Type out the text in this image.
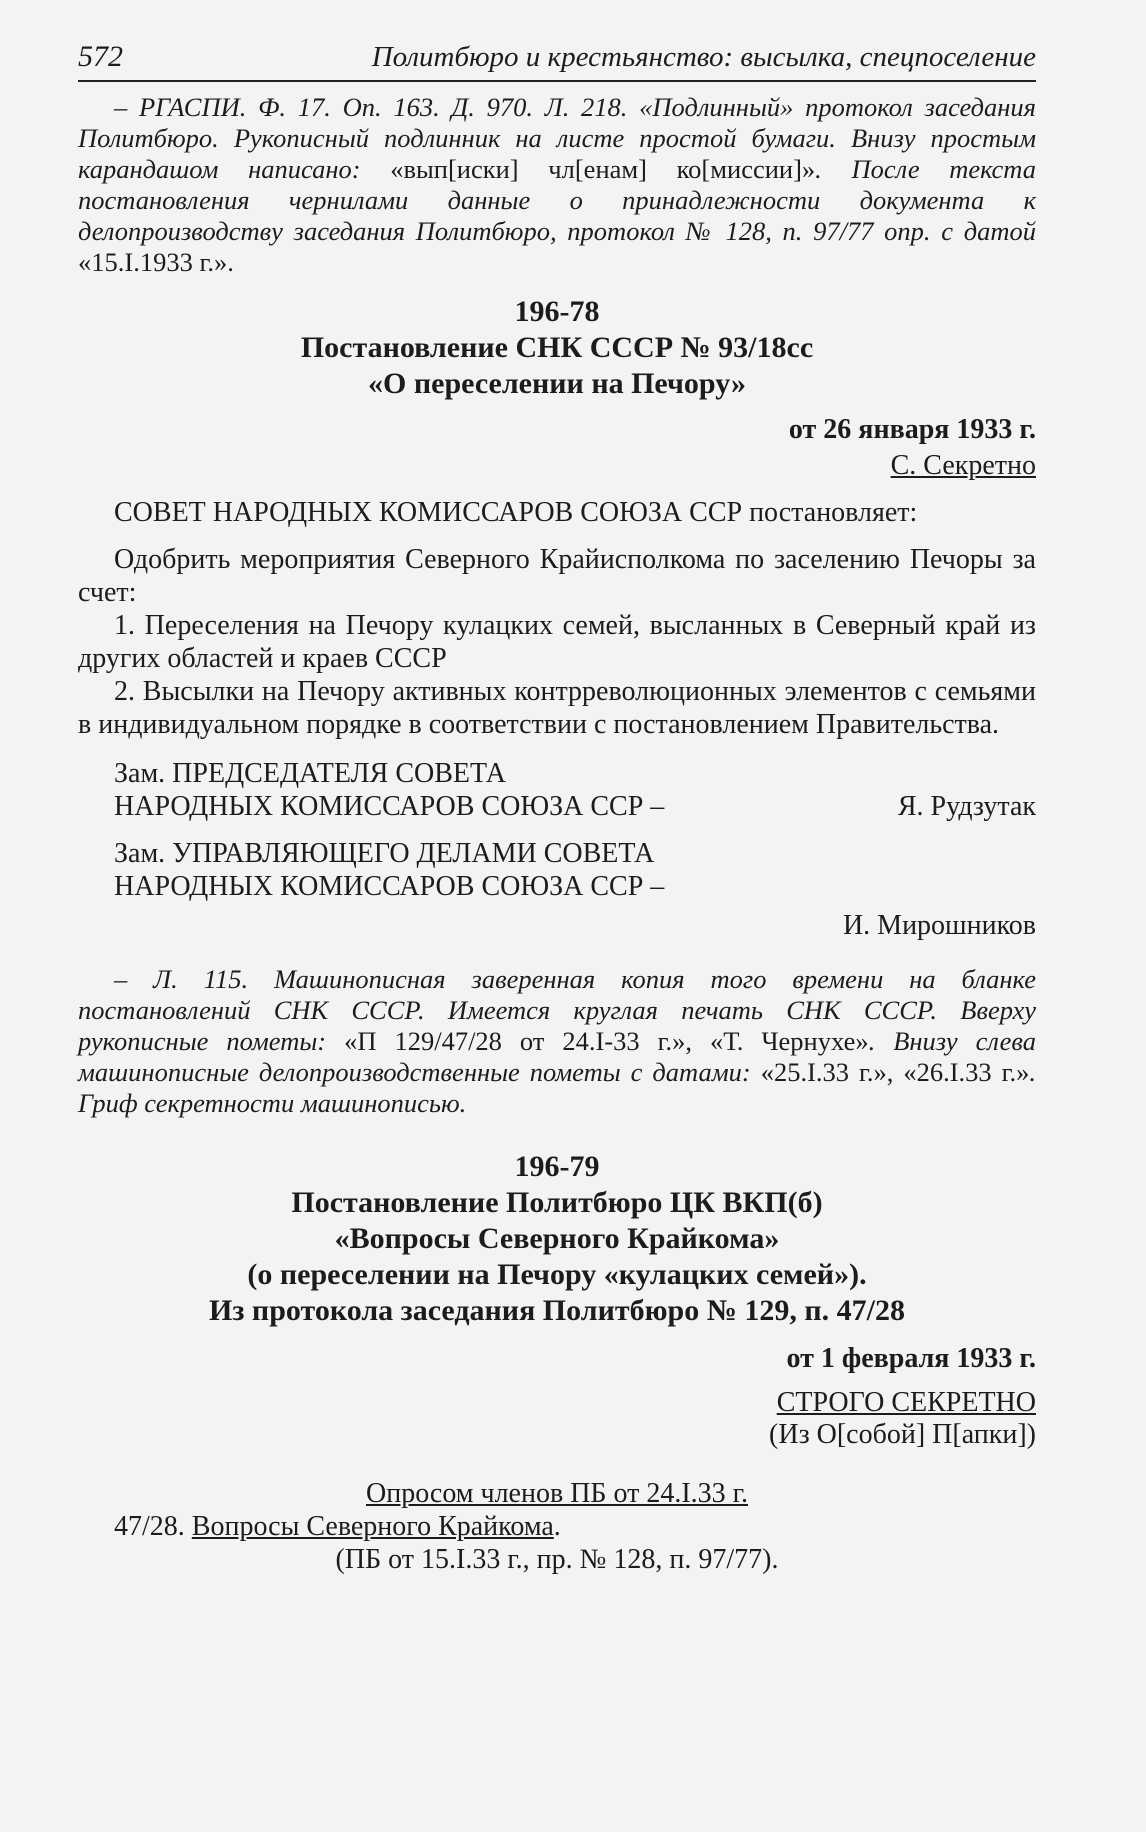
572	Политбюро и крестьянство: высылка, спецпоселение

– РГАСПИ. Ф. 17. Оп. 163. Д. 970. Л. 218. «Подлинный» протокол заседания Политбюро. Рукописный подлинник на листе простой бумаги. Внизу простым карандашом написано: «вып[иски] чл[енам] ко[миссии]». После текста постановления чернилами данные о принадлежности документа к делопроизводству заседания Политбюро, протокол № 128, п. 97/77 опр. с датой «15.I.1933 г.».

196-78
Постановление СНК СССР № 93/18сс
«О переселении на Печору»
от 26 января 1933 г.
С. Секретно
СОВЕТ НАРОДНЫХ КОМИССАРОВ СОЮЗА ССР постановляет:
Одобрить мероприятия Северного Крайисполкома по заселению Печоры за счет:
1. Переселения на Печору кулацких семей, высланных в Северный край из других областей и краев СССР
2. Высылки на Печору активных контрреволюционных элементов с семьями в индивидуальном порядке в соответствии с постановлением Правительства.
Зам. ПРЕДСЕДАТЕЛЯ СОВЕТА
НАРОДНЫХ КОМИССАРОВ СОЮЗА ССР –	Я. Рудзутак
Зам. УПРАВЛЯЮЩЕГО ДЕЛАМИ СОВЕТА
НАРОДНЫХ КОМИССАРОВ СОЮЗА ССР –
И. Мирошников

– Л. 115. Машинописная заверенная копия того времени на бланке постановлений СНК СССР. Имеется круглая печать СНК СССР. Вверху рукописные пометы: «П 129/47/28 от 24.I-33 г.», «Т. Чернухе». Внизу слева машинописные делопроизводственные пометы с датами: «25.I.33 г.», «26.I.33 г.». Гриф секретности машинописью.

196-79
Постановление Политбюро ЦК ВКП(б)
«Вопросы Северного Крайкома»
(о переселении на Печору «кулацких семей»).
Из протокола заседания Политбюро № 129, п. 47/28
от 1 февраля 1933 г.
СТРОГО СЕКРЕТНО
(Из О[собой] П[апки])
Опросом членов ПБ от 24.I.33 г.
47/28. Вопросы Северного Крайкома.
(ПБ от 15.I.33 г., пр. № 128, п. 97/77).
